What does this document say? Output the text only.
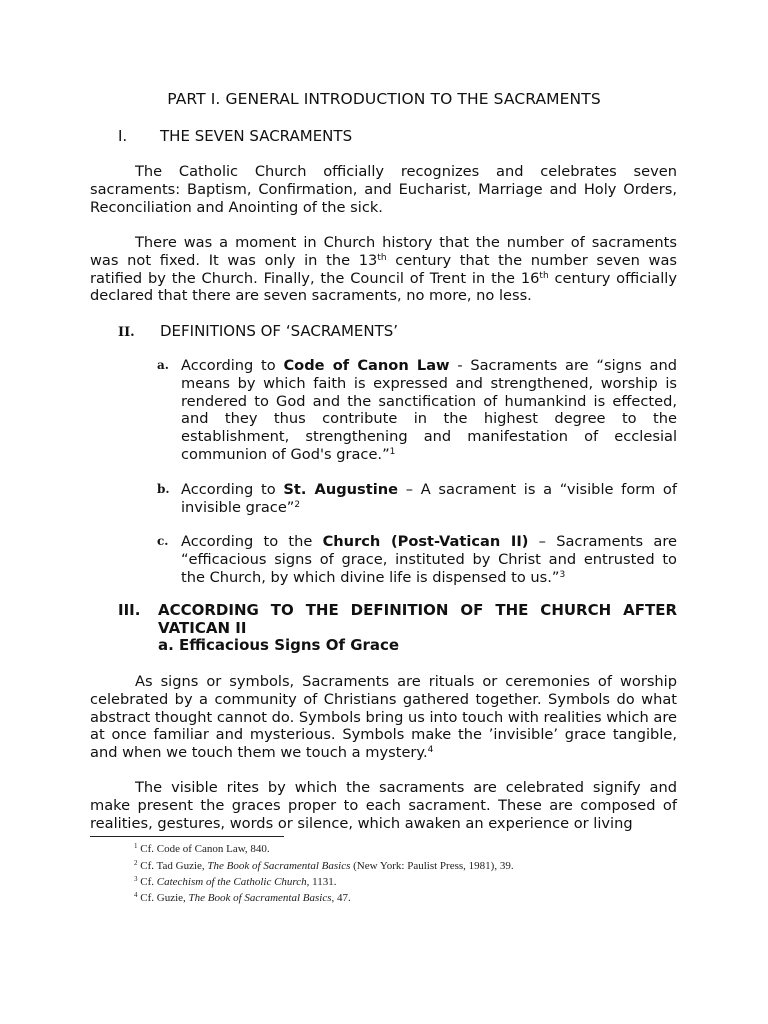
PART I. GENERAL INTRODUCTION TO THE SACRAMENTS
I. THE SEVEN SACRAMENTS

The Catholic Church officially recognizes and celebrates seven sacraments: Baptism, Confirmation, and Eucharist, Marriage and Holy Orders, Reconciliation and Anointing of the sick.

There was a moment in Church history that the number of sacraments was not fixed. It was only in the 13th century that the number seven was ratified by the Church. Finally, the Council of Trent in the 16th century officially declared that there are seven sacraments, no more, no less.

II. DEFINITIONS OF ‘SACRAMENTS’
a. According to Code of Canon Law - Sacraments are “signs and means by which faith is expressed and strengthened, worship is rendered to God and the sanctification of humankind is effected, and they thus contribute in the highest degree to the establishment, strengthening and manifestation of ecclesial communion of God's grace.”$^1$
b. According to St. Augustine – A sacrament is a “visible form of invisible grace”$^2$
c. According to the Church (Post-Vatican II) – Sacraments are “efficacious signs of grace, instituted by Christ and entrusted to the Church, by which divine life is dispensed to us.”$^3$
III. ACCORDING TO THE DEFINITION OF THE CHURCH AFTER VATICAN II
a. Efficacious Signs Of Grace

As signs or symbols, Sacraments are rituals or ceremonies of worship celebrated by a community of Christians gathered together. Symbols do what abstract thought cannot do. Symbols bring us into touch with realities which are at once familiar and mysterious. Symbols make the ’invisible’ grace tangible, and when we touch them we touch a mystery.$^4$

The visible rites by which the sacraments are celebrated signify and make present the graces proper to each sacrament. These are composed of realities, gestures, words or silence, which awaken an experience or living

$^1$ Cf. Code of Canon Law, 840.
$^2$ Cf. Tad Guzie, The Book of Sacramental Basics (New York: Paulist Press, 1981), 39.
$^3$ Cf. Catechism of the Catholic Church, 1131.
$^4$ Cf. Guzie, The Book of Sacramental Basics, 47.
